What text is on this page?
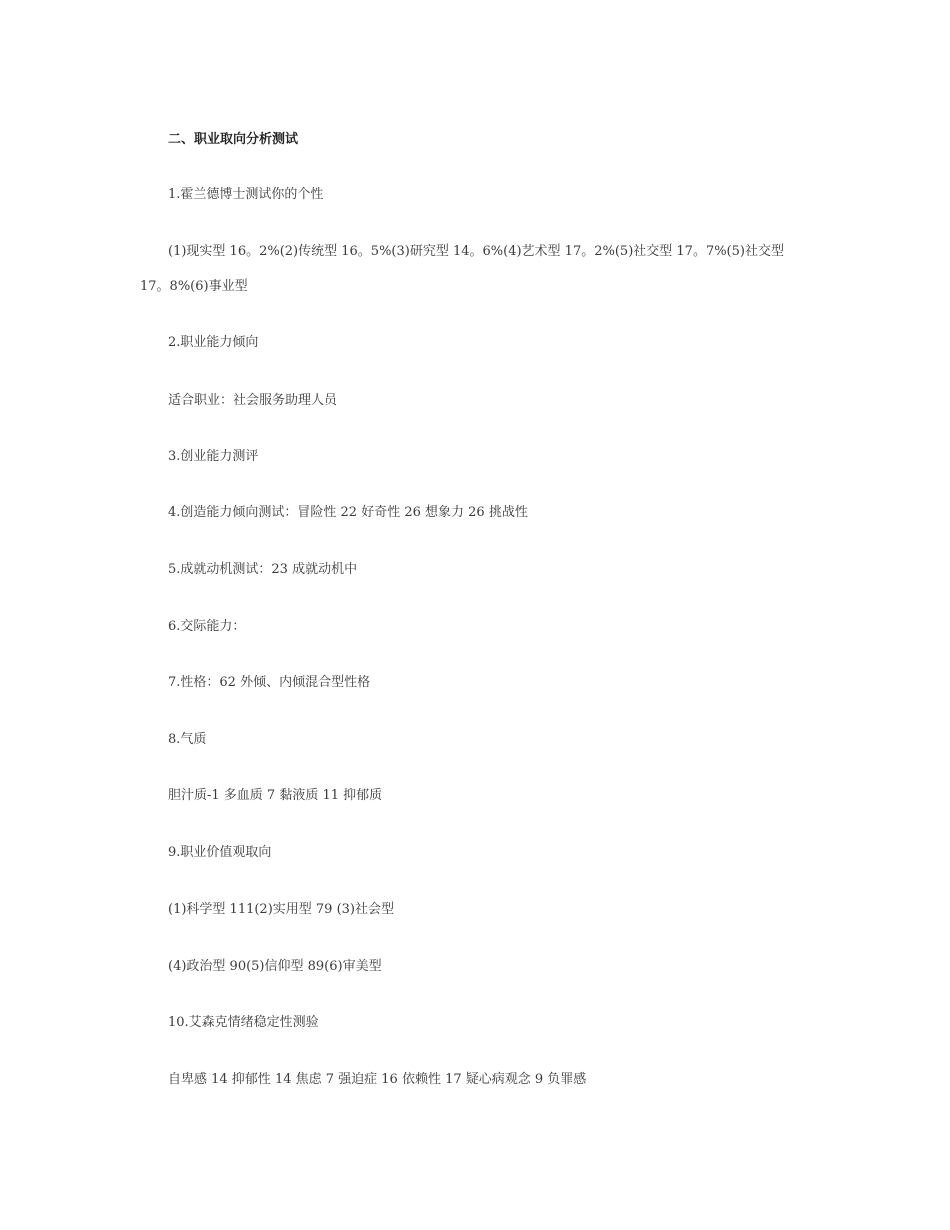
二、职业取向分析测试
1.霍兰德博士测试你的个性
(1)现实型 16。2%(2)传统型 16。5%(3)研究型 14。6%(4)艺术型 17。2%(5)社交型 17。7%(5)社交型
17。8%(6)事业型
2.职业能力倾向
适合职业：社会服务助理人员
3.创业能力测评
4.创造能力倾向测试：冒险性 22 好奇性 26 想象力 26 挑战性
5.成就动机测试：23 成就动机中
6.交际能力：
7.性格：62 外倾、内倾混合型性格
8.气质
胆汁质-1 多血质 7 黏液质 11 抑郁质
9.职业价值观取向
(1)科学型 111(2)实用型 79 (3)社会型
(4)政治型 90(5)信仰型 89(6)审美型
10.艾森克情绪稳定性测验
自卑感 14 抑郁性 14 焦虑 7 强迫症 16 依赖性 17 疑心病观念 9 负罪感
